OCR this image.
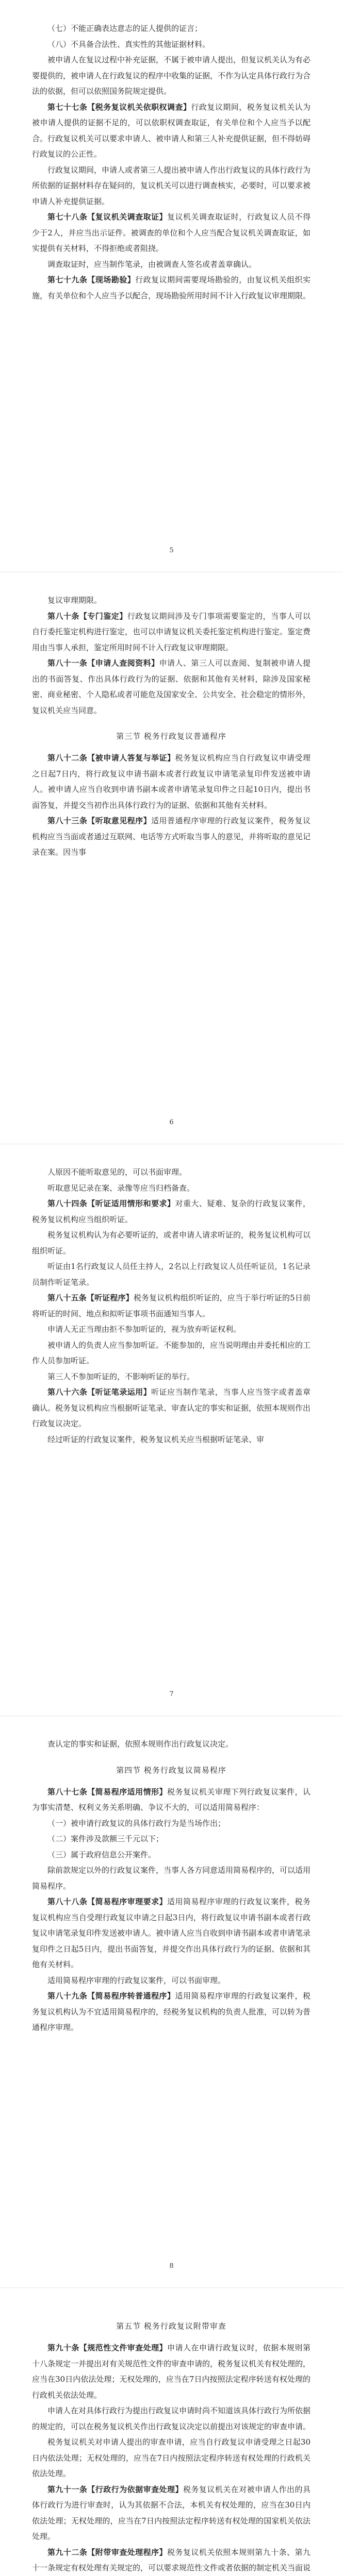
（七）不能正确表达意志的证人提供的证言；

（八）不具备合法性、真实性的其他证据材料。

被申请人在复议过程中补充证据，不属于被申请人提出，但复议机关认为有必要提供的，被申请人在行政复议的程序中收集的证据，不作为认定具体行政行为合法的依据，但可以依照国务院规定提供。

第七十七条【税务复议机关依职权调查】行政复议期间，税务复议机关认为被申请人提供的证据不足的，可以依职权调查取证，有关单位和个人应当予以配合。行政复议机关可以要求申请人、被申请人和第三人补充提供证据，但不得妨碍行政复议的公正性。

行政复议期间，申请人或者第三人提出被申请人作出行政复议的具体行政行为所依据的证据材料存在疑问的，复议机关可以进行调查核实，必要时，可以要求被申请人补充提供证据。

第七十八条【复议机关调查取证】复议机关调查取证时，行政复议人员不得少于2人，并应当出示证件。被调查的单位和个人应当配合复议机关调查取证，如实提供有关材料，不得拒绝或者阻挠。

调查取证时，应当制作笔录，由被调查人签名或者盖章确认。

第七十九条【现场勘验】行政复议期间需要现场勘验的，由复议机关组织实施，有关单位和个人应当予以配合，现场勘验所用时间不计入行政复议审理期限。

5

复议审理期限。

第八十条【专门鉴定】行政复议期间涉及专门事项需要鉴定的，当事人可以自行委托鉴定机构进行鉴定，也可以申请复议机关委托鉴定机构进行鉴定。鉴定费用由当事人承担，鉴定所用时间不计入行政复议审理期限。

第八十一条【申请人查阅资料】申请人、第三人可以查阅、复制被申请人提出的书面答复、作出具体行政行为的证据、依据和其他有关材料，除涉及国家秘密、商业秘密、个人隐私或者可能危及国家安全、公共安全、社会稳定的情形外，复议机关应当同意。

第三节 税务行政复议普通程序

第八十二条【被申请人答复与举证】税务复议机构应当自行政复议申请受理之日起7日内，将行政复议申请书副本或者行政复议申请笔录复印件发送被申请人。被申请人应当自收到申请书副本或者申请笔录复印件之日起10日内，提出书面答复，并提交当初作出具体行政行为的证据、依据和其他有关材料。

第八十三条【听取意见程序】适用普通程序审理的行政复议案件，税务复议机构应当当面或者通过互联网、电话等方式听取当事人的意见，并将听取的意见记录在案。因当事

6

人原因不能听取意见的，可以书面审理。

听取意见记录在案、录像等应当归档备查。

第八十四条【听证适用情形和要求】对重大、疑难、复杂的行政复议案件，税务复议机构应当组织听证。

税务复议机构认为有必要听证的，或者申请人请求听证的，税务复议机构可以组织听证。

听证由1名行政复议人员任主持人，2名以上行政复议人员任听证员，1名记录员制作听证笔录。

第八十五条【听证程序】税务复议机构组织听证的，应当于举行听证的5日前将听证的时间、地点和拟听证事项书面通知当事人。

申请人无正当理由拒不参加听证的，视为放弃听证权利。

被申请人的负责人应当参加听证。不能参加的，应当说明理由并委托相应的工作人员参加听证。

第三人不参加听证的，不影响听证的举行。

第八十六条【听证笔录运用】听证应当制作笔录，当事人应当签字或者盖章确认。税务复议机构应当根据听证笔录、审查认定的事实和证据，依照本规则作出行政复议决定。

经过听证的行政复议案件，税务复议机关应当根据听证笔录、审

7

查认定的事实和证据，依照本规则作出行政复议决定。

第四节 税务行政复议简易程序

第八十七条【简易程序适用情形】税务复议机关审理下列行政复议案件，认为事实清楚、权利义务关系明确、争议不大的，可以适用简易程序：

（一）被申请行政复议的具体行政行为是当场作出；

（二）案件涉及款额三千元以下；

（三）属于政府信息公开案件。

除前款规定以外的行政复议案件，当事人各方同意适用简易程序的，可以适用简易程序。

第八十八条【简易程序审理要求】适用简易程序审理的行政复议案件，税务复议机构应当自受理行政复议申请之日起3日内，将行政复议申请书副本或者行政复议申请笔录复印件发送被申请人。被申请人应当自收到申请书副本或者申请笔录复印件之日起5日内，提出书面答复，并提交作出具体行政行为的证据、依据和其他有关材料。

适用简易程序审理的行政复议案件，可以书面审理。

第八十九条【简易程序转普通程序】适用简易程序审理的行政复议案件，税务复议机构认为不宜适用简易程序的，经税务复议机构的负责人批准，可以转为普通程序审理。

8
第五节 税务行政复议附带审查

第九十条【规范性文件审查处理】申请人在申请行政复议时，依据本规则第十八条规定一并提出对有关规范性文件的审查申请的，税务复议机关有权处理的，应当在30日内依法处理；无权处理的，应当在7日内按照法定程序转送有权处理的行政机关依法处理。

申请人在对具体行政行为提出行政复议申请时尚不知道该具体行政行为所依据的规定的，可以在税务复议机关作出行政复议决定以前提出对该规定的审查申请。

税务复议机关对申请人提出的审查申请，应当自行政复议申请受理之日起30日内依法处理；无权处理的，应当在7日内按照法定程序转送有权处理的行政机关依法处理。

第九十一条【行政行为依据审查处理】税务复议机关在对被申请人作出的具体行政行为进行审查时，认为其依据不合法，本机关有权处理的，应当在30日内依法处理；无权处理的，应当在7日内按照法定程序转送有权处理的国家机关依法处理。

第九十二条【附带审查处理程序】税务复议机关依照本规则第九十条、第九十一条规定有权处理有关规定的，可以要求规范性文件或者依据的制定机关当面说
